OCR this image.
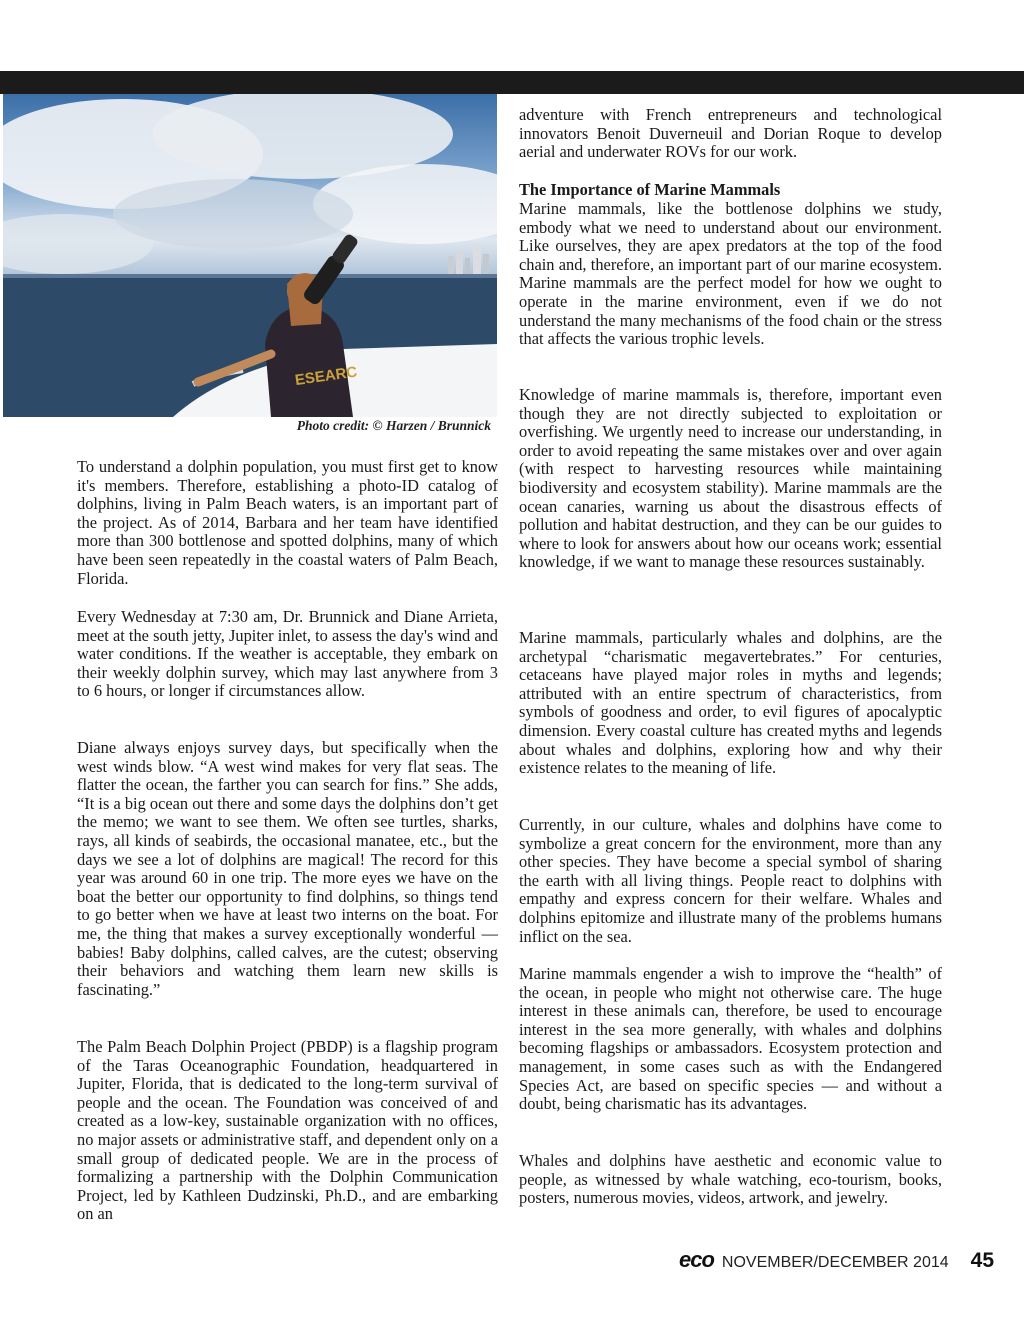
ESEARC
Photo credit: © Harzen / Brunnick

To understand a dolphin population, you must first get to know it's members. Therefore, establishing a photo-ID catalog of dolphins, living in Palm Beach waters, is an important part of the project. As of 2014, Barbara and her team have identified more than 300 bottlenose and spotted dolphins, many of which have been seen repeatedly in the coastal waters of Palm Beach, Florida.

Every Wednesday at 7:30 am, Dr. Brunnick and Diane Arrieta, meet at the south jetty, Jupiter inlet, to assess the day's wind and water conditions. If the weather is acceptable, they embark on their weekly dolphin survey, which may last anywhere from 3 to 6 hours, or longer if circumstances allow.

Diane always enjoys survey days, but specifically when the west winds blow. “A west wind makes for very flat seas. The flatter the ocean, the farther you can search for fins.” She adds, “It is a big ocean out there and some days the dolphins don’t get the memo; we want to see them. We often see turtles, sharks, rays, all kinds of seabirds, the occasional manatee, etc., but the days we see a lot of dolphins are magical! The record for this year was around 60 in one trip. The more eyes we have on the boat the better our opportunity to find dolphins, so things tend to go better when we have at least two interns on the boat. For me, the thing that makes a survey exceptionally wonderful — babies! Baby dolphins, called calves, are the cutest; observing their behaviors and watching them learn new skills is fascinating.”

The Palm Beach Dolphin Project (PBDP) is a flagship program of the Taras Oceanographic Foundation, headquartered in Jupiter, Florida, that is dedicated to the long-term survival of people and the ocean. The Foundation was conceived of and created as a low-key, sustainable organization with no offices, no major assets or administrative staff, and dependent only on a small group of dedicated people. We are in the process of formalizing a partnership with the Dolphin Communication Project, led by Kathleen Dudzinski, Ph.D., and are embarking on an

adventure with French entrepreneurs and technological innovators Benoit Duverneuil and Dorian Roque to develop aerial and underwater ROVs for our work.

The Importance of Marine Mammals

Marine mammals, like the bottlenose dolphins we study, embody what we need to understand about our environment. Like ourselves, they are apex predators at the top of the food chain and, therefore, an important part of our marine ecosystem. Marine mammals are the perfect model for how we ought to operate in the marine environment, even if we do not understand the many mechanisms of the food chain or the stress that affects the various trophic levels.

Knowledge of marine mammals is, therefore, important even though they are not directly subjected to exploitation or overfishing. We urgently need to increase our understanding, in order to avoid repeating the same mistakes over and over again (with respect to harvesting resources while maintaining biodiversity and ecosystem stability). Marine mammals are the ocean canaries, warning us about the disastrous effects of pollution and habitat destruction, and they can be our guides to where to look for answers about how our oceans work; essential knowledge, if we want to manage these resources sustainably.

Marine mammals, particularly whales and dolphins, are the archetypal “charismatic megavertebrates.” For centuries, cetaceans have played major roles in myths and legends; attributed with an entire spectrum of characteristics, from symbols of goodness and order, to evil figures of apocalyptic dimension. Every coastal culture has created myths and legends about whales and dolphins, exploring how and why their existence relates to the meaning of life.

Currently, in our culture, whales and dolphins have come to symbolize a great concern for the environment, more than any other species. They have become a special symbol of sharing the earth with all living things. People react to dolphins with empathy and express concern for their welfare. Whales and dolphins epitomize and illustrate many of the problems humans inflict on the sea.

Marine mammals engender a wish to improve the “health” of the ocean, in people who might not otherwise care. The huge interest in these animals can, therefore, be used to encourage interest in the sea more generally, with whales and dolphins becoming flagships or ambassadors. Ecosystem protection and management, in some cases such as with the Endangered Species Act, are based on specific species — and without a doubt, being charismatic has its advantages.

Whales and dolphins have aesthetic and economic value to people, as witnessed by whale watching, eco-tourism, books, posters, numerous movies, videos, artwork, and jewelry.

eco NOVEMBER/DECEMBER 2014 45
